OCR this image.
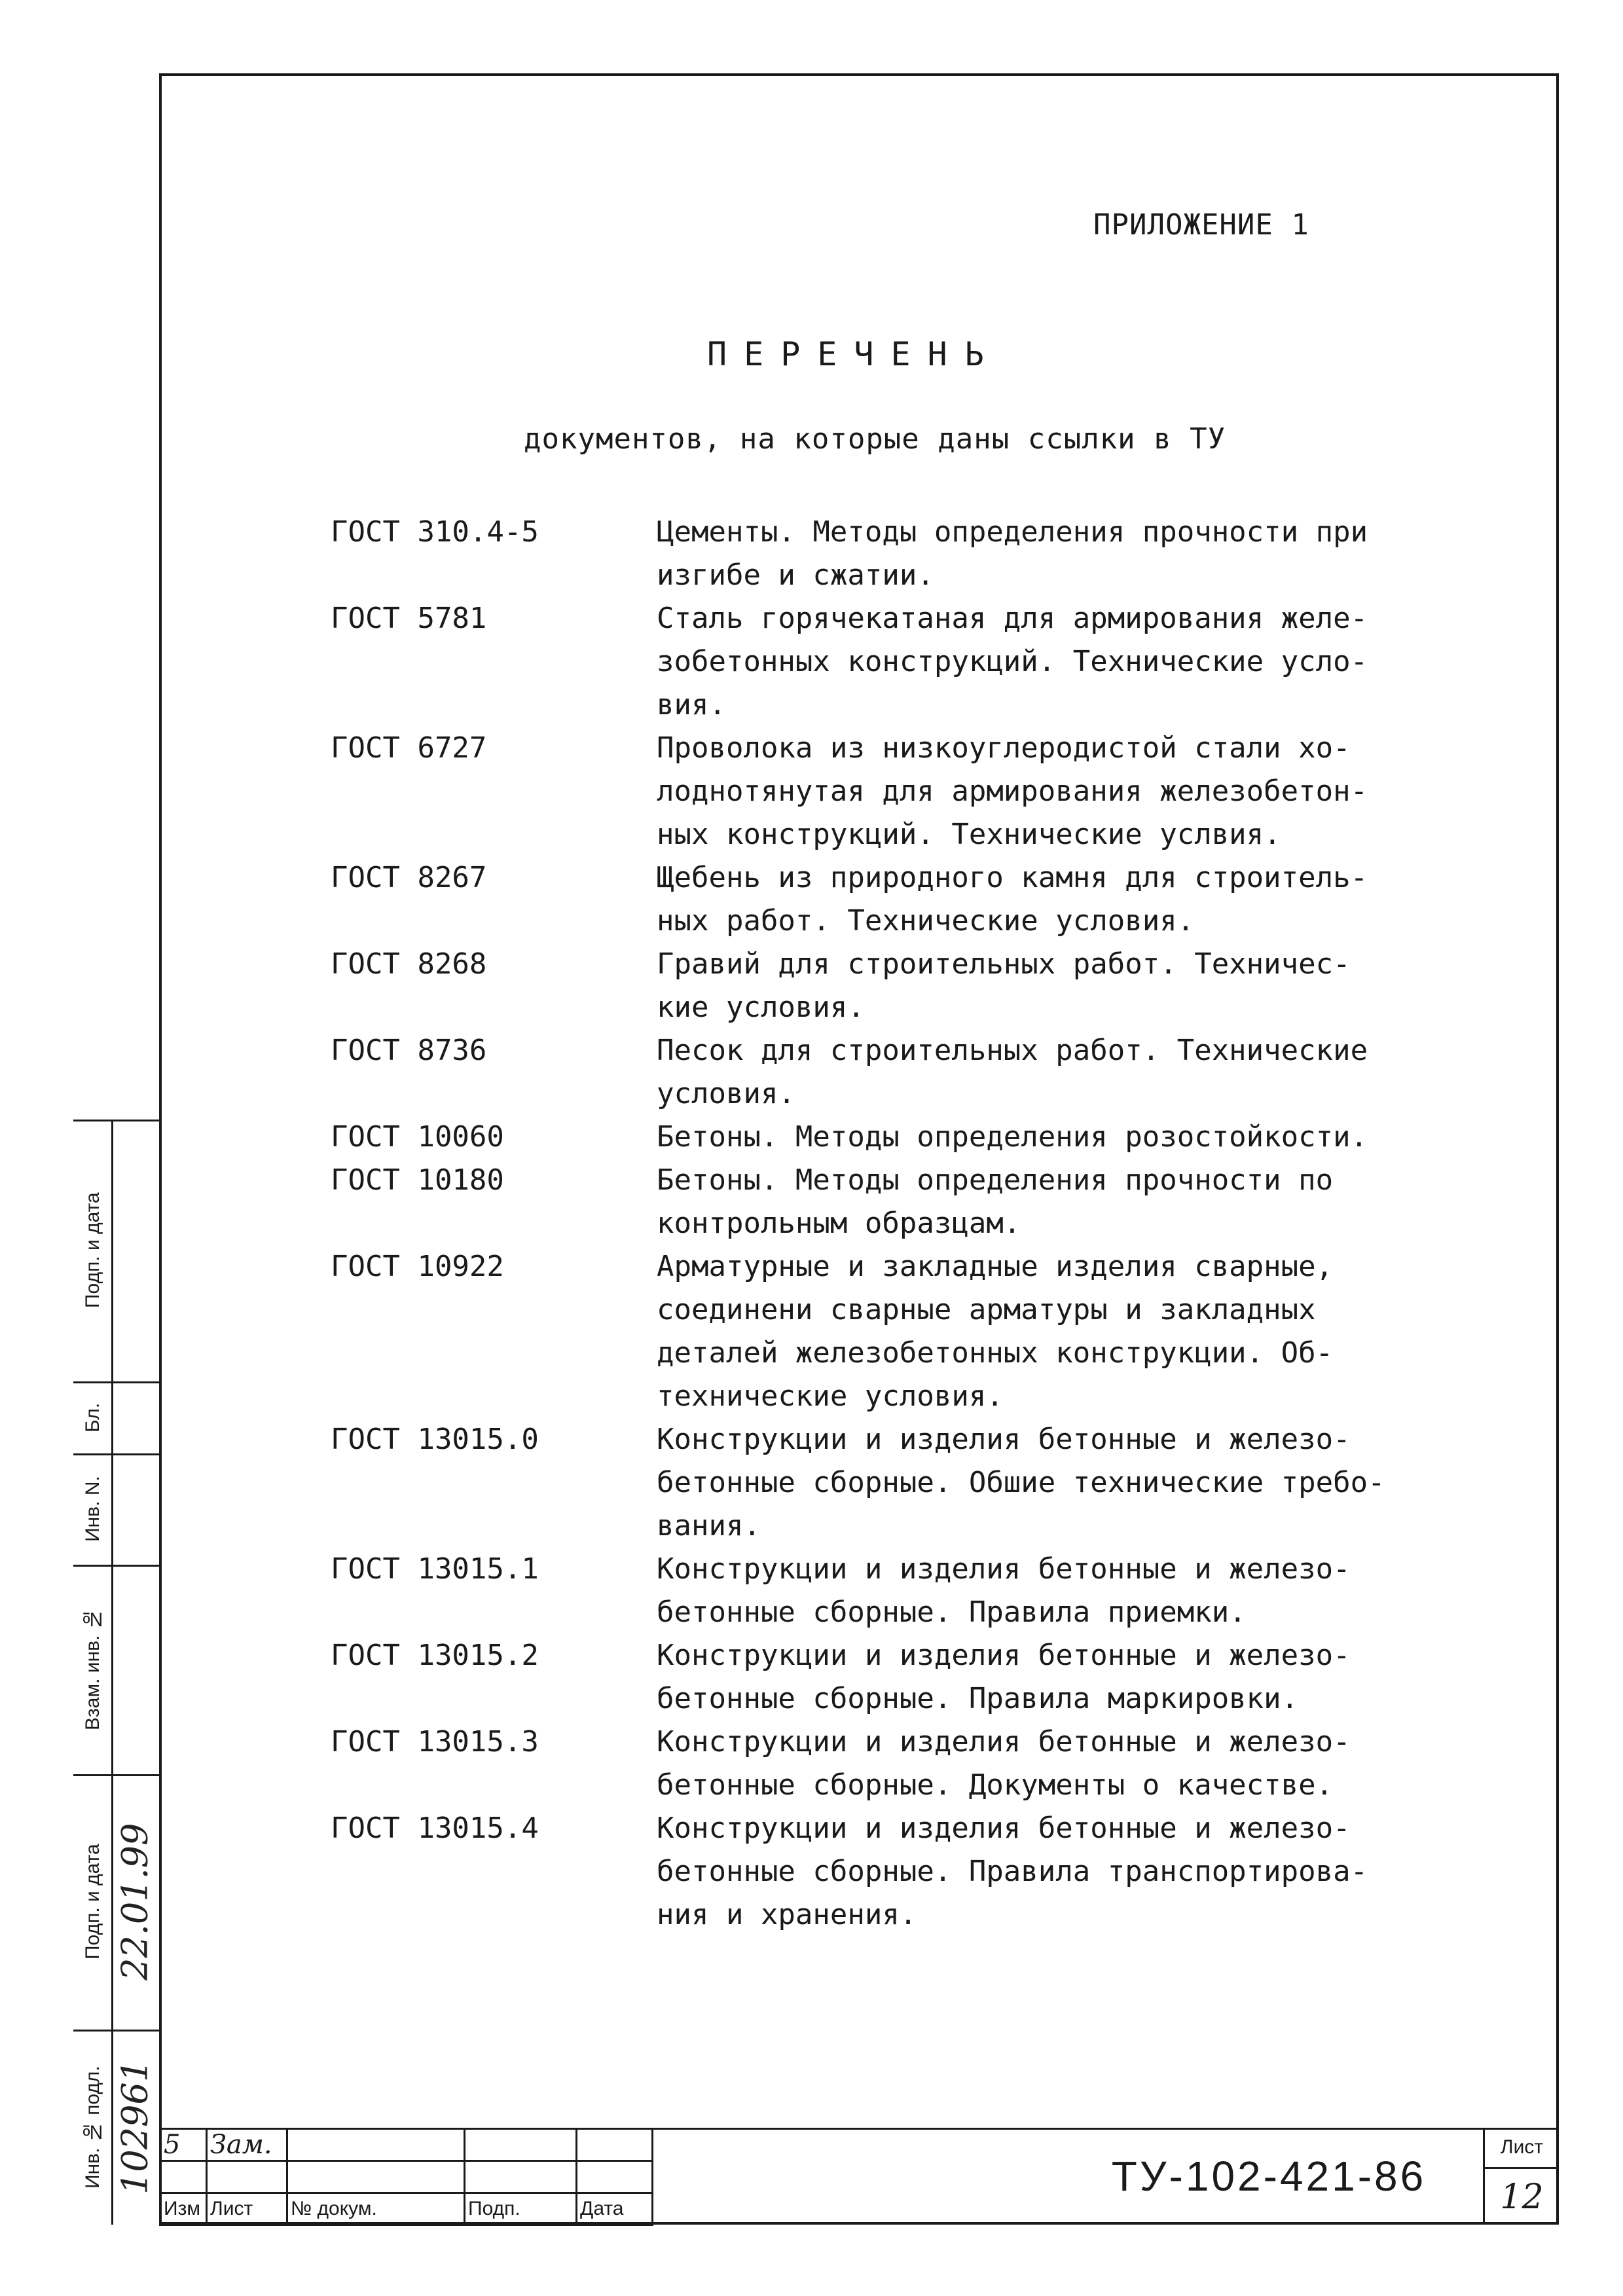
ПРИЛОЖЕНИЕ 1
ПЕРЕЧЕНЬ
документов, на которые даны ссылки в ТУ
ГОСТ 310.4-5	Цементы. Методы определения прочности при
изгибе и сжатии.
ГОСТ 5781	Сталь горячекатаная для армирования желе-
зобетонных конструкций. Технические усло-
вия.
ГОСТ 6727	Проволока из низкоуглеродистой стали хо-
лоднотянутая для армирования железобетон-
ных конструкций. Технические услвия.
ГОСТ 8267	Щебень из природного камня для строитель-
ных работ. Технические условия.
ГОСТ 8268	Гравий для строительных работ. Техничес-
кие условия.
ГОСТ 8736	Песок для строительных работ. Технические
условия.
ГОСТ 10060	Бетоны. Методы определения розостойкости.
ГОСТ 10180	Бетоны. Методы определения прочности по
контрольным образцам.
ГОСТ 10922	Арматурные и закладные изделия сварные,
соединени сварные арматуры и закладных
деталей железобетонных конструкции. Об-
технические условия.
ГОСТ 13015.0	Конструкции и изделия бетонные и железо-
бетонные сборные. Обшие технические требо-
вания.
ГОСТ 13015.1	Конструкции и изделия бетонные и железо-
бетонные сборные. Правила приемки.
ГОСТ 13015.2	Конструкции и изделия бетонные и железо-
бетонные сборные. Правила маркировки.
ГОСТ 13015.3	Конструкции и изделия бетонные и железо-
бетонные сборные. Документы о качестве.
ГОСТ 13015.4	Конструкции и изделия бетонные и железо-
бетонные сборные. Правила транспортирова-
ния и хранения.
Подп. и дата
Бл.
Инв. N.
Взам. инв. №
Подп. и дата 22.01.99
Инв. № подл. 102961 5	Зам.			

Изм	Лист	№ докум.	Подп.	Дата
ТУ-102-421-86
Лист
12
